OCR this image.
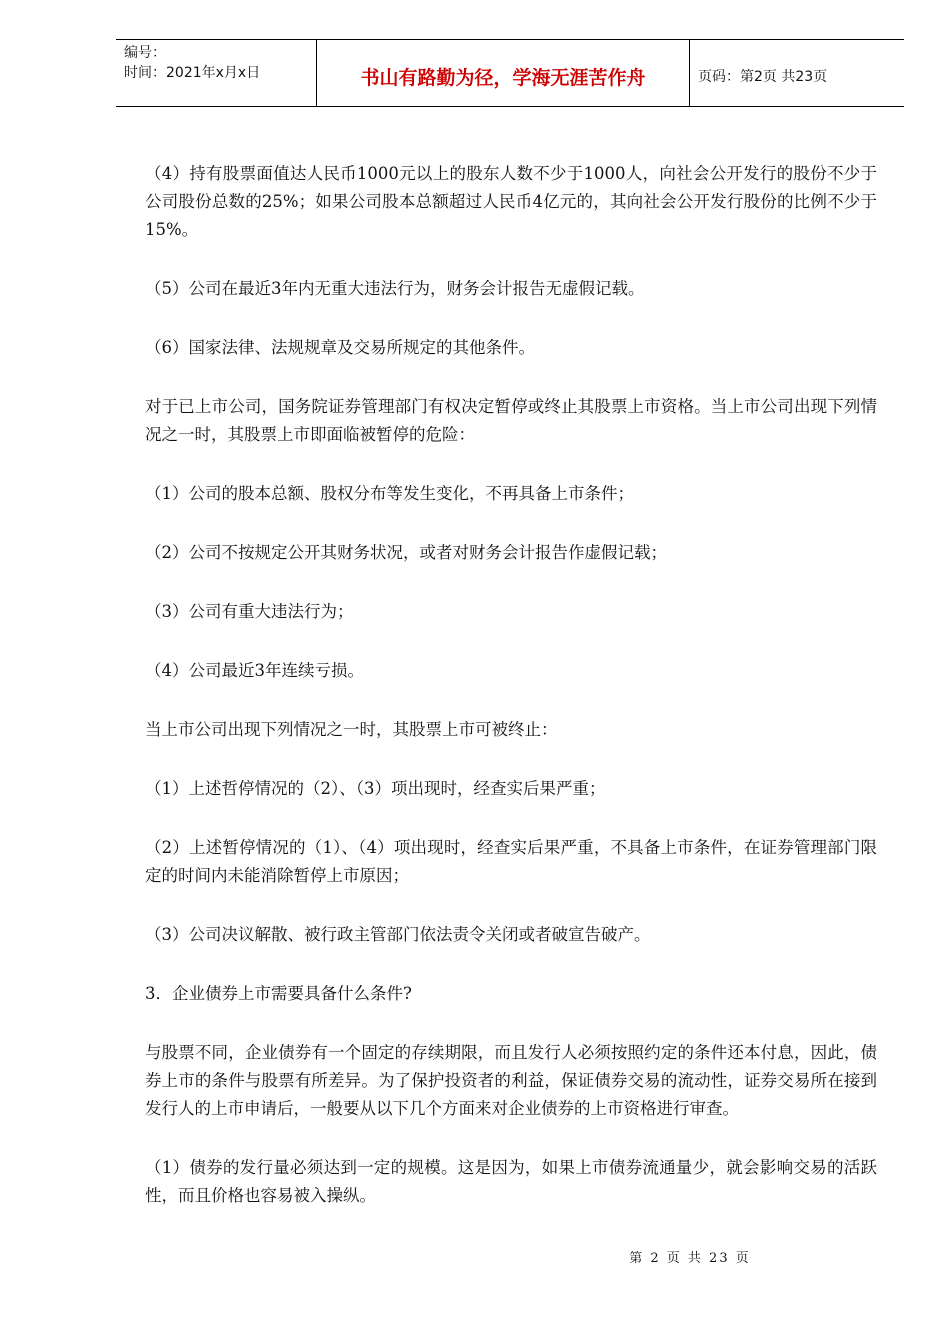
编号：
时间：2021年x月x日	书山有路勤为径，学海无涯苦作舟	页码：第2页 共23页

（4）持有股票面值达人民币1000元以上的股东人数不少于1000人，向社会公开发行的股份不少于公司股份总数的25%；如果公司股本总额超过人民币4亿元的，其向社会公开发行股份的比例不少于15%。

（5）公司在最近3年内无重大违法行为，财务会计报告无虚假记载。

（6）国家法律、法规规章及交易所规定的其他条件。

对于已上市公司，国务院证券管理部门有权决定暂停或终止其股票上市资格。当上市公司出现下列情况之一时，其股票上市即面临被暂停的危险：

（1）公司的股本总额、股权分布等发生变化，不再具备上市条件；

（2）公司不按规定公开其财务状况，或者对财务会计报告作虚假记载；

（3）公司有重大违法行为；

（4）公司最近3年连续亏损。

当上市公司出现下列情况之一时，其股票上市可被终止：

（1）上述哲停情况的（2）、（3）项出现时，经查实后果严重；

（2）上述暂停情况的（1）、（4）项出现时，经查实后果严重，不具备上市条件，在证券管理部门限定的时间内未能消除暂停上市原因；

（3）公司决议解散、被行政主管部门依法责令关闭或者破宣告破产。

3．企业债券上市需要具备什么条件?

与股票不同，企业债券有一个固定的存续期限，而且发行人必须按照约定的条件还本付息，因此，债券上市的条件与股票有所差异。为了保护投资者的利益，保证债券交易的流动性，证券交易所在接到发行人的上市申请后，一般要从以下几个方面来对企业债券的上市资格进行审查。

（1）债券的发行量必须达到一定的规模。这是因为，如果上市债券流通量少，就会影响交易的活跃性，而且价格也容易被入操纵。

第 2 页 共 23 页
